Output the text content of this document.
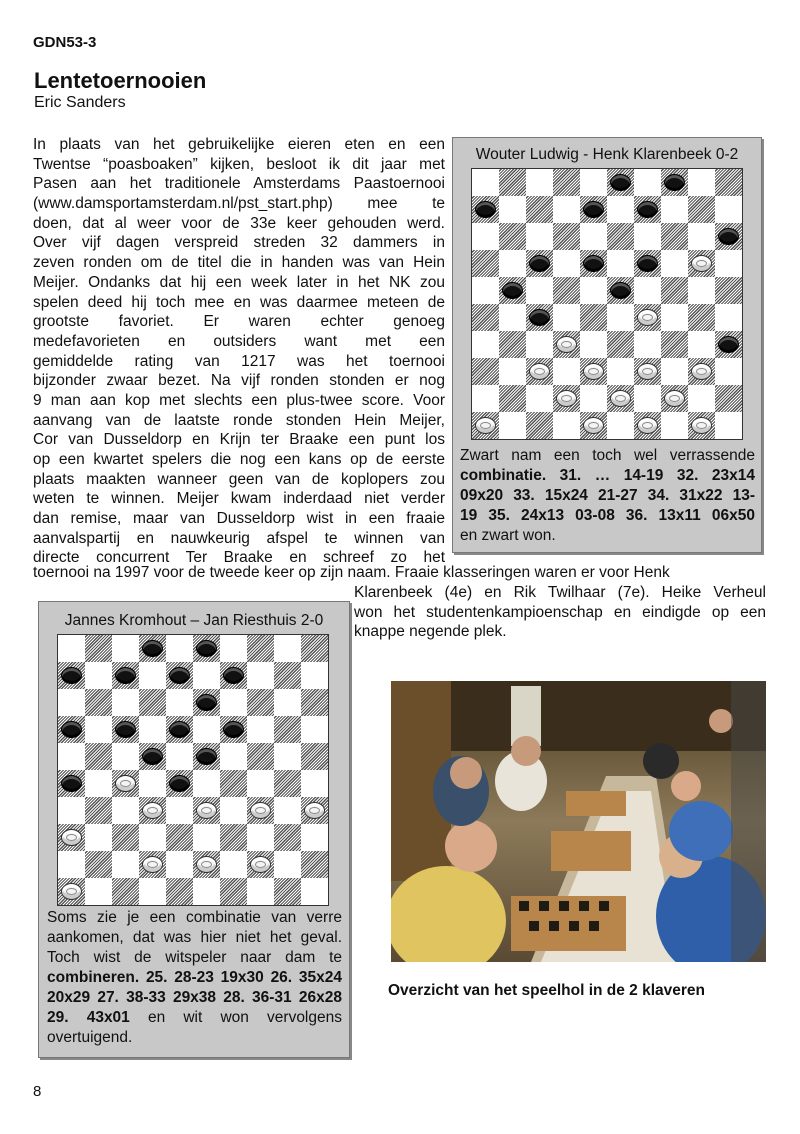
GDN53-3
Lentetoernooien
Eric Sanders
In plaats van het gebruikelijke eieren eten en een
Twentse “poasboaken” kijken, besloot ik dit jaar met
Pasen aan het traditionele Amsterdams Paastoernooi
(www.damsportamsterdam.nl/pst_start.php) mee te
doen, dat al weer voor de 33e keer gehouden werd.
Over vijf dagen verspreid streden 32 dammers in
zeven ronden om de titel die in handen was van Hein
Meijer. Ondanks dat hij een week later in het NK zou
spelen deed hij toch mee en was daarmee meteen de
grootste favoriet. Er waren echter genoeg
medefavorieten en outsiders want met een
gemiddelde rating van 1217 was het toernooi
bijzonder zwaar bezet. Na vijf ronden stonden er nog
9 man aan kop met slechts een plus-twee score. Voor
aanvang van de laatste ronde stonden Hein Meijer,
Cor van Dusseldorp en Krijn ter Braake een punt los
op een kwartet spelers die nog een kans op de eerste
plaats maakten wanneer geen van de koplopers zou
weten te winnen. Meijer kwam inderdaad niet verder
dan remise, maar van Dusseldorp wist in een fraaie
aanvalspartij en nauwkeurig afspel te winnen van
directe concurrent Ter Braake en schreef zo het
toernooi na 1997 voor de tweede keer op zijn naam. Fraaie klasseringen waren er voor Henk
Klarenbeek (4e) en Rik Twilhaar (7e). Heike Verheul
won het studentenkampioenschap en eindigde op een
knappe negende plek.
Wouter Ludwig - Henk Klarenbeek 0-2
Zwart nam een toch wel verrassende
combinatie. 31. … 14-19 32. 23x14
09x20 33. 15x24 21-27 34. 31x22 13-
19 35. 24x13 03-08 36. 13x11 06x50
en zwart won.
Jannes Kromhout – Jan Riesthuis 2-0
Soms zie je een combinatie van verre
aankomen, dat was hier niet het geval.
Toch wist de witspeler naar dam te
combineren. 25. 28-23 19x30 26. 35x24 20x29 27. 38-33 29x38 28. 36-31 26x28 29. 43x01 en wit won vervolgens overtuigend.
Overzicht van het speelhol in de 2 klaveren
8
